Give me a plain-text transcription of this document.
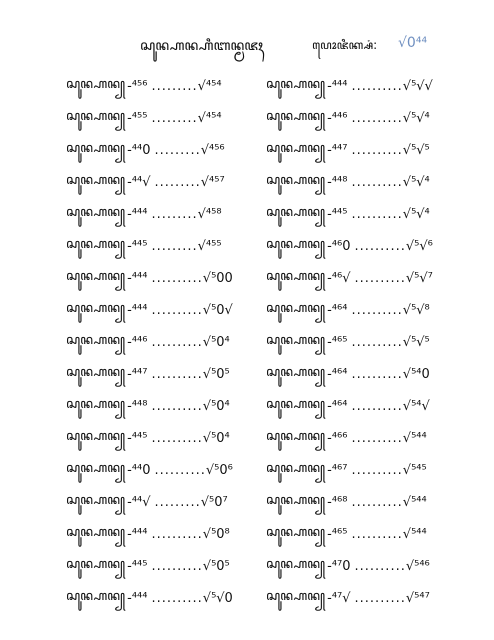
ꦱꦸꦤ꧀ꦲꦤ꧀ꦲꦶꦧꦤ꧀ꦩꦗꦃ	ꦥꦺꦴꦗꦶꦏ꧀ꦱꦁ: √0⁴⁴
ꦱꦸꦤ꧀ꦲꦤ꧀ -⁴⁵⁶ ......... √⁴⁵⁴
ꦱꦸꦤ꧀ꦲꦤ꧀ -⁴⁵⁵ ......... √⁴⁵⁴
ꦱꦸꦤ꧀ꦲꦤ꧀ -⁴⁴0 ......... √⁴⁵⁶
ꦱꦸꦤ꧀ꦲꦤ꧀ -⁴⁴√ ......... √⁴⁵⁷
ꦱꦸꦤ꧀ꦲꦤ꧀ -⁴⁴⁴ ......... √⁴⁵⁸
ꦱꦸꦤ꧀ꦲꦤ꧀ -⁴⁴⁵ ......... √⁴⁵⁵
ꦱꦸꦤ꧀ꦲꦤ꧀ -⁴⁴⁴ .......... √⁵00
ꦱꦸꦤ꧀ꦲꦤ꧀ -⁴⁴⁴ .......... √⁵0√
ꦱꦸꦤ꧀ꦲꦤ꧀ -⁴⁴⁶ .......... √⁵0⁴
ꦱꦸꦤ꧀ꦲꦤ꧀ -⁴⁴⁷ .......... √⁵0⁵
ꦱꦸꦤ꧀ꦲꦤ꧀ -⁴⁴⁸ .......... √⁵0⁴
ꦱꦸꦤ꧀ꦲꦤ꧀ -⁴⁴⁵ .......... √⁵0⁴
ꦱꦸꦤ꧀ꦲꦤ꧀ -⁴⁴0 .......... √⁵0⁶
ꦱꦸꦤ꧀ꦲꦤ꧀ -⁴⁴√ ......... √⁵0⁷
ꦱꦸꦤ꧀ꦲꦤ꧀ -⁴⁴⁴ .......... √⁵0⁸
ꦱꦸꦤ꧀ꦲꦤ꧀ -⁴⁴⁵ .......... √⁵0⁵
ꦱꦸꦤ꧀ꦲꦤ꧀ -⁴⁴⁴ .......... √⁵√0
ꦱꦸꦤ꧀ꦲꦤ꧀ -⁴⁴⁴ .......... √⁵√√
ꦱꦸꦤ꧀ꦲꦤ꧀ -⁴⁴⁶ .......... √⁵√⁴
ꦱꦸꦤ꧀ꦲꦤ꧀ -⁴⁴⁷ .......... √⁵√⁵
ꦱꦸꦤ꧀ꦲꦤ꧀ -⁴⁴⁸ .......... √⁵√⁴
ꦱꦸꦤ꧀ꦲꦤ꧀ -⁴⁴⁵ .......... √⁵√⁴
ꦱꦸꦤ꧀ꦲꦤ꧀ -⁴⁶0 .......... √⁵√⁶
ꦱꦸꦤ꧀ꦲꦤ꧀ -⁴⁶√ .......... √⁵√⁷
ꦱꦸꦤ꧀ꦲꦤ꧀ -⁴⁶⁴ .......... √⁵√⁸
ꦱꦸꦤ꧀ꦲꦤ꧀ -⁴⁶⁵ .......... √⁵√⁵
ꦱꦸꦤ꧀ꦲꦤ꧀ -⁴⁶⁴ .......... √⁵⁴0
ꦱꦸꦤ꧀ꦲꦤ꧀ -⁴⁶⁴ .......... √⁵⁴√
ꦱꦸꦤ꧀ꦲꦤ꧀ -⁴⁶⁶ .......... √⁵⁴⁴
ꦱꦸꦤ꧀ꦲꦤ꧀ -⁴⁶⁷ .......... √⁵⁴⁵
ꦱꦸꦤ꧀ꦲꦤ꧀ -⁴⁶⁸ .......... √⁵⁴⁴
ꦱꦸꦤ꧀ꦲꦤ꧀ -⁴⁶⁵ .......... √⁵⁴⁴
ꦱꦸꦤ꧀ꦲꦤ꧀ -⁴⁷0 .......... √⁵⁴⁶
ꦱꦸꦤ꧀ꦲꦤ꧀ -⁴⁷√ .......... √⁵⁴⁷
